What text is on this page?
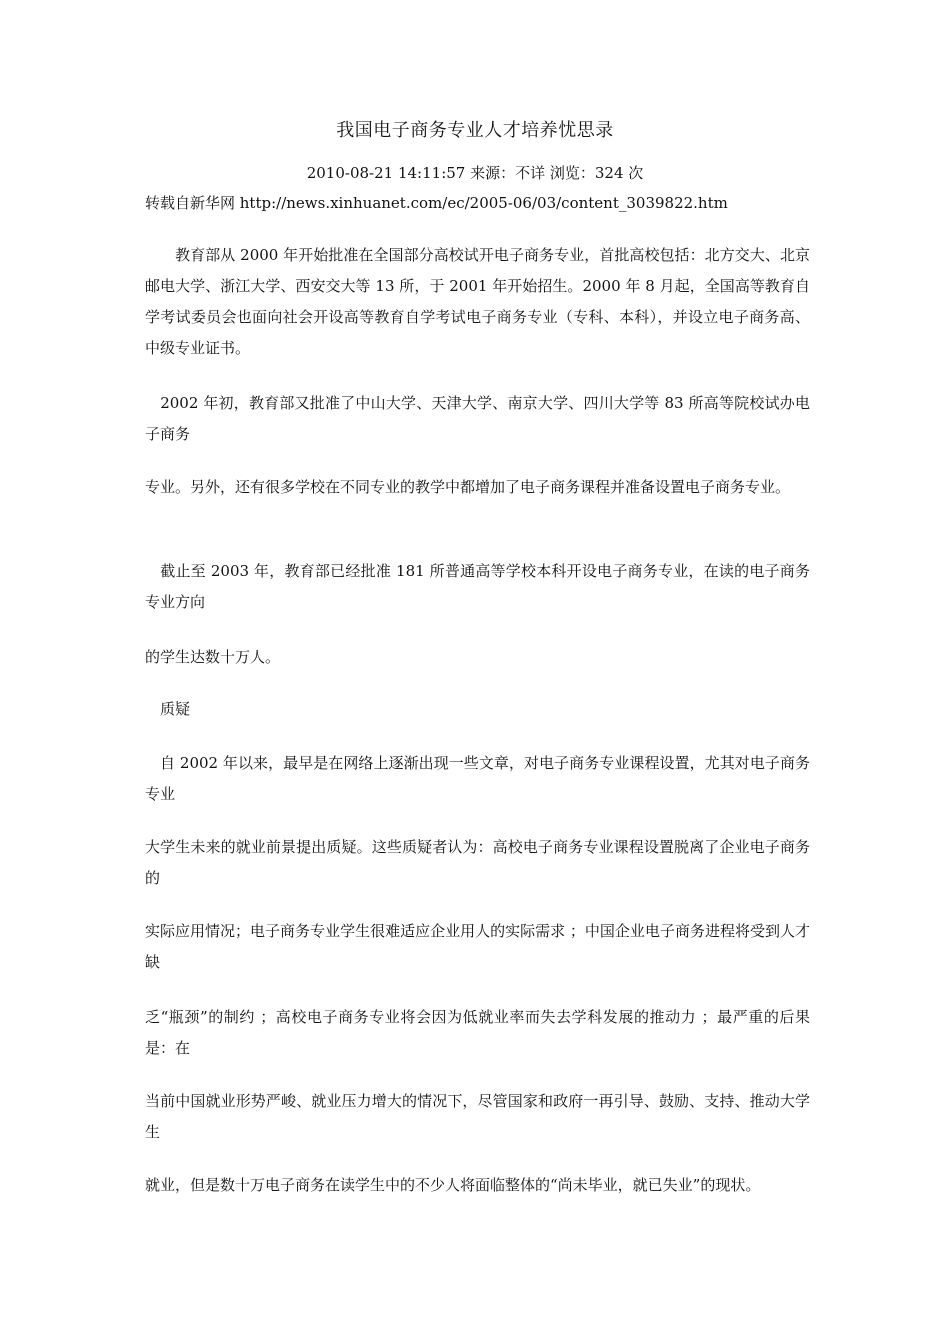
我国电子商务专业人才培养忧思录
2010-08-21 14:11:57 来源：不详 浏览：324 次
转载自新华网 http://news.xinhuanet.com/ec/2005-06/03/content_3039822.htm

　　教育部从 2000 年开始批准在全国部分高校试开电子商务专业，首批高校包括：北方交大、北京邮电大学、浙江大学、西安交大等 13 所，于 2001 年开始招生。2000 年 8 月起，全国高等教育自学考试委员会也面向社会开设高等教育自学考试电子商务专业（专科、本科），并设立电子商务高、中级专业证书。

　2002 年初，教育部又批准了中山大学、天津大学、南京大学、四川大学等 83 所高等院校试办电子商务

专业。另外，还有很多学校在不同专业的教学中都增加了电子商务课程并准备设置电子商务专业。

　截止至 2003 年，教育部已经批准 181 所普通高等学校本科开设电子商务专业，在读的电子商务专业方向

的学生达数十万人。

　质疑

　自 2002 年以来，最早是在网络上逐渐出现一些文章，对电子商务专业课程设置，尤其对电子商务专业

大学生未来的就业前景提出质疑。这些质疑者认为：高校电子商务专业课程设置脱离了企业电子商务的

实际应用情况；电子商务专业学生很难适应企业用人的实际需求 ；中国企业电子商务进程将受到人才缺

乏“瓶颈”的制约 ；高校电子商务专业将会因为低就业率而失去学科发展的推动力 ；最严重的后果是：在

当前中国就业形势严峻、就业压力增大的情况下，尽管国家和政府一再引导、鼓励、支持、推动大学生

就业，但是数十万电子商务在读学生中的不少人将面临整体的“尚未毕业，就已失业”的现状。
